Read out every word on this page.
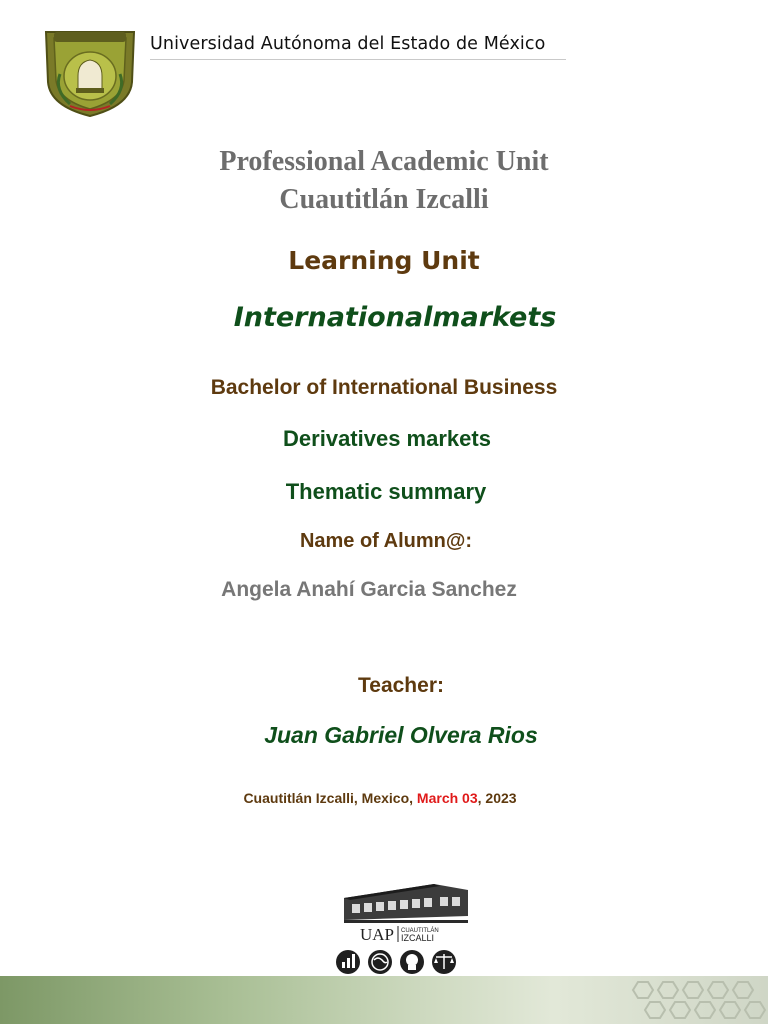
Universidad Autónoma del Estado de México
Professional Academic Unit
Cuautitlán Izcalli
Learning Unit
Internationalmarkets
Bachelor of International Business
Derivatives markets
Thematic summary
Name of Alumn@:
Angela Anahí Garcia Sanchez
Teacher:
Juan Gabriel Olvera Rios
Cuautitlán Izcalli, Mexico, March 03, 2023
UAP CUAUTITLÁN
IZCALLI
